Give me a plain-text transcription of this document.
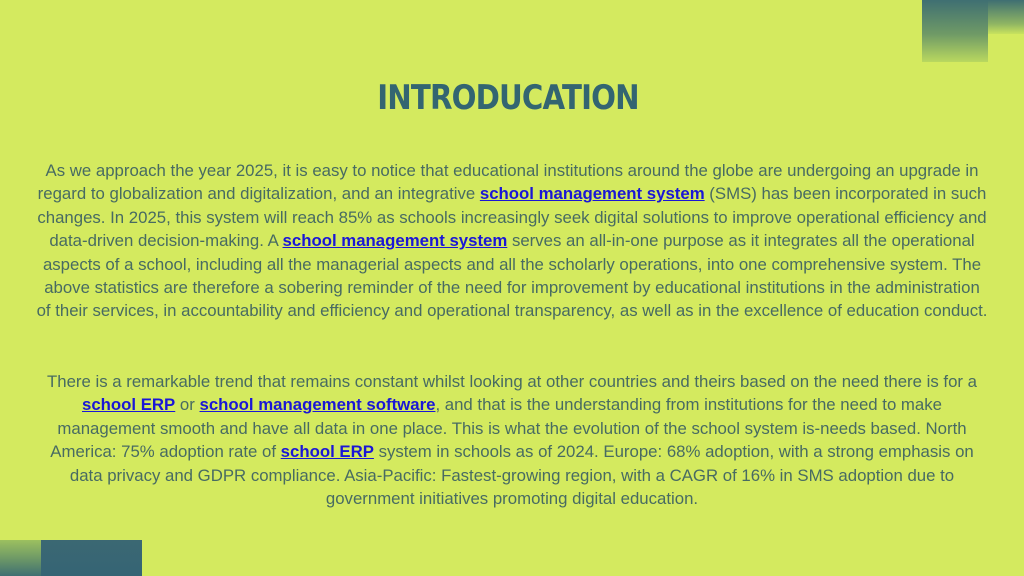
INTRODUCATION

As we approach the year 2025, it is easy to notice that educational institutions around the globe are undergoing an upgrade in regard to globalization and digitalization, and an integrative school management system (SMS) has been incorporated in such changes. In 2025, this system will reach 85% as schools increasingly seek digital solutions to improve operational efficiency and data-driven decision-making. A school management system serves an all-in-one purpose as it integrates all the operational aspects of a school, including all the managerial aspects and all the scholarly operations, into one comprehensive system. The above statistics are therefore a sobering reminder of the need for improvement by educational institutions in the administration of their services, in accountability and efficiency and operational transparency, as well as in the excellence of education conduct.

There is a remarkable trend that remains constant whilst looking at other countries and theirs based on the need there is for a school ERP or school management software, and that is the understanding from institutions for the need to make management smooth and have all data in one place. This is what the evolution of the school system is-needs based. North America: 75% adoption rate of school ERP system in schools as of 2024. Europe: 68% adoption, with a strong emphasis on data privacy and GDPR compliance. Asia-Pacific: Fastest-growing region, with a CAGR of 16% in SMS adoption due to government initiatives promoting digital education.
